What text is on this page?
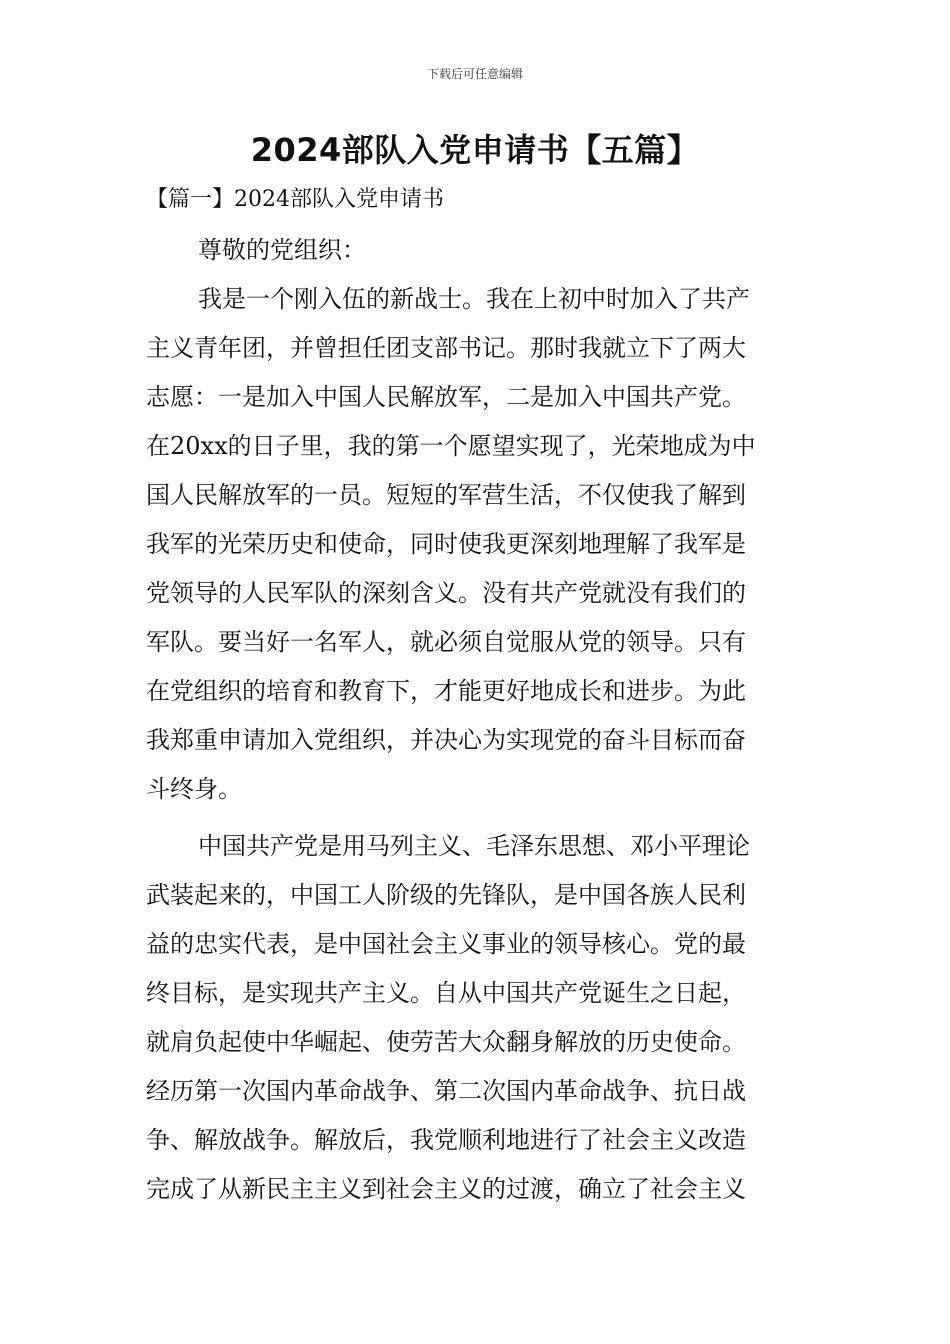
下载后可任意编辑
2024部队入党申请书【五篇】
【篇一】2024部队入党申请书
尊敬的党组织：
我是一个刚入伍的新战士。我在上初中时加入了共产
主义青年团，并曾担任团支部书记。那时我就立下了两大
志愿：一是加入中国人民解放军，二是加入中国共产党。
在20xx的日子里，我的第一个愿望实现了，光荣地成为中
国人民解放军的一员。短短的军营生活，不仅使我了解到
我军的光荣历史和使命，同时使我更深刻地理解了我军是
党领导的人民军队的深刻含义。没有共产党就没有我们的
军队。要当好一名军人，就必须自觉服从党的领导。只有
在党组织的培育和教育下，才能更好地成长和进步。为此
我郑重申请加入党组织，并决心为实现党的奋斗目标而奋
斗终身。
中国共产党是用马列主义、毛泽东思想、邓小平理论
武装起来的，中国工人阶级的先锋队，是中国各族人民利
益的忠实代表，是中国社会主义事业的领导核心。党的最
终目标，是实现共产主义。自从中国共产党诞生之日起，
就肩负起使中华崛起、使劳苦大众翻身解放的历史使命。
经历第一次国内革命战争、第二次国内革命战争、抗日战
争、解放战争。解放后，我党顺利地进行了社会主义改造
完成了从新民主主义到社会主义的过渡，确立了社会主义
